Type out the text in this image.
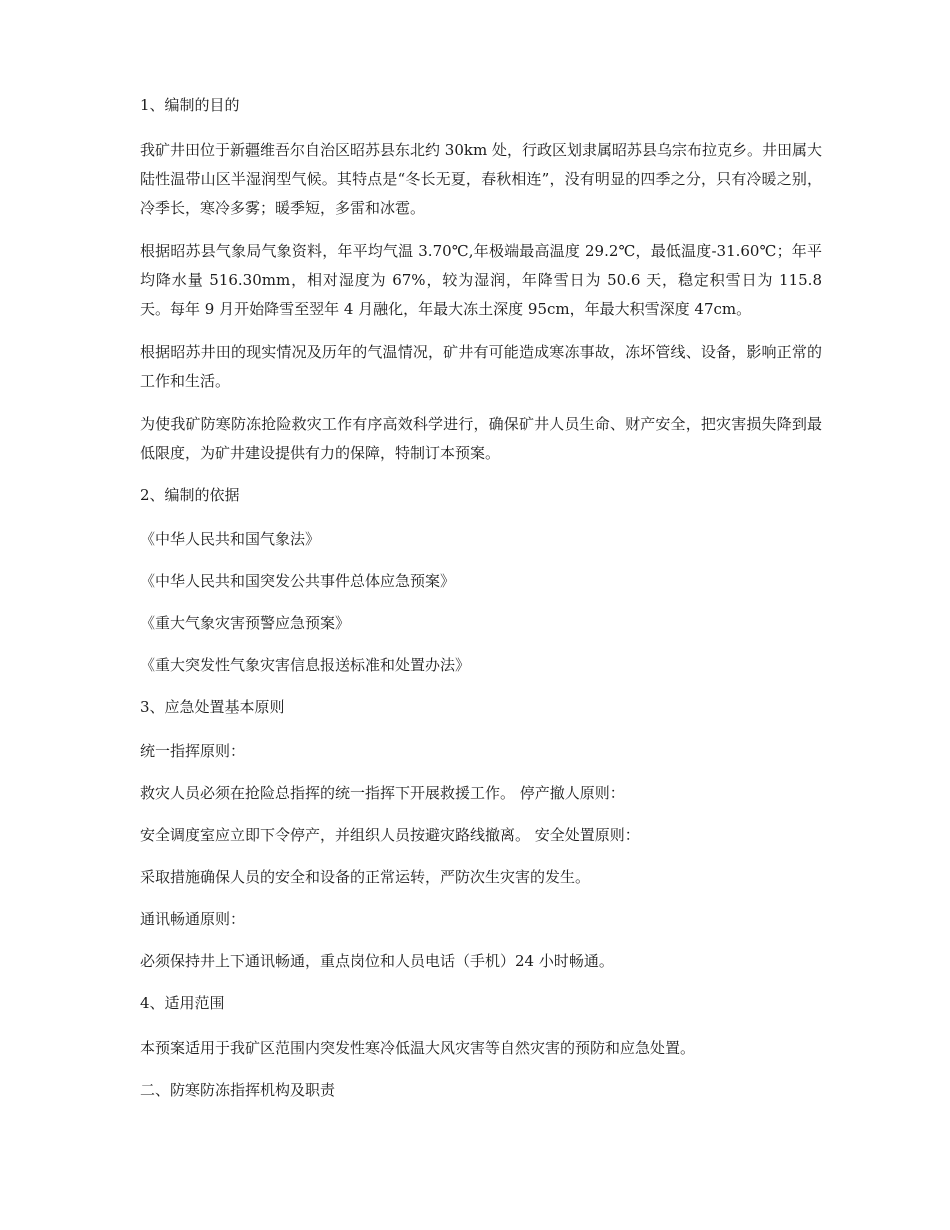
1、编制的目的
我矿井田位于新疆维吾尔自治区昭苏县东北约 30km 处，行政区划隶属昭苏县乌宗布拉克乡。井田属大陆性温带山区半湿润型气候。其特点是“冬长无夏，春秋相连”，没有明显的四季之分，只有冷暖之别，冷季长，寒冷多雾；暖季短，多雷和冰雹。
根据昭苏县气象局气象资料，年平均气温 3.70℃,年极端最高温度 29.2℃，最低温度-31.60℃；年平均降水量 516.30mm，相对湿度为 67%，较为湿润，年降雪日为 50.6 天，稳定积雪日为 115.8 天。每年 9 月开始降雪至翌年 4 月融化，年最大冻土深度 95cm，年最大积雪深度 47cm。
根据昭苏井田的现实情况及历年的气温情况，矿井有可能造成寒冻事故，冻坏管线、设备，影响正常的工作和生活。
为使我矿防寒防冻抢险救灾工作有序高效科学进行，确保矿井人员生命、财产安全，把灾害损失降到最低限度，为矿井建设提供有力的保障，特制订本预案。
2、编制的依据
《中华人民共和国气象法》
《中华人民共和国突发公共事件总体应急预案》
《重大气象灾害预警应急预案》
《重大突发性气象灾害信息报送标准和处置办法》
3、应急处置基本原则
统一指挥原则：
救灾人员必须在抢险总指挥的统一指挥下开展救援工作。 停产撤人原则：
安全调度室应立即下令停产，并组织人员按避灾路线撤离。 安全处置原则：
采取措施确保人员的安全和设备的正常运转，严防次生灾害的发生。
通讯畅通原则：
必须保持井上下通讯畅通，重点岗位和人员电话（手机）24 小时畅通。
4、适用范围
本预案适用于我矿区范围内突发性寒冷低温大风灾害等自然灾害的预防和应急处置。
二、防寒防冻指挥机构及职责
